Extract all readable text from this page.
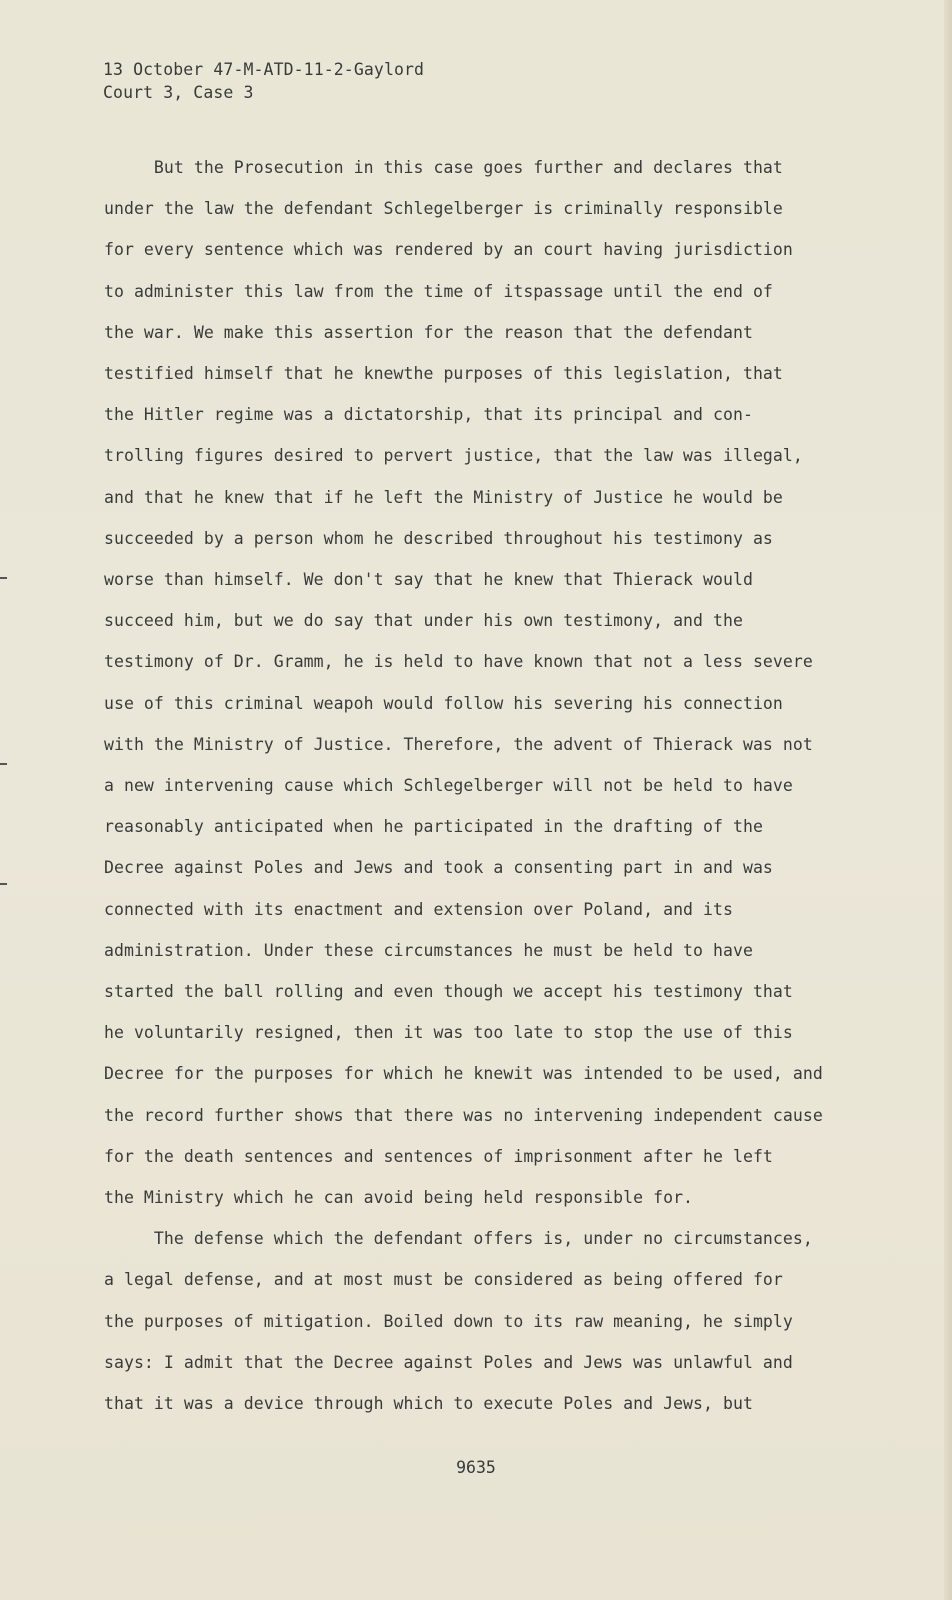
13 October 47-M-ATD-11-2-Gaylord
Court 3, Case 3
But the Prosecution in this case goes further and declares that
under the law the defendant Schlegelberger is criminally responsible
for every sentence which was rendered by an court having jurisdiction
to administer this law from the time of itspassage until the end of
the war. We make this assertion for the reason that the defendant
testified himself that he knewthe purposes of this legislation, that
the Hitler regime was a dictatorship, that its principal and con-
trolling figures desired to pervert justice, that the law was illegal,
and that he knew that if he left the Ministry of Justice he would be
succeeded by a person whom he described throughout his testimony as
worse than himself. We don't say that he knew that Thierack would
succeed him, but we do say that under his own testimony, and the
testimony of Dr. Gramm, he is held to have known that not a less severe
use of this criminal weapoh would follow his severing his connection
with the Ministry of Justice. Therefore, the advent of Thierack was not
a new intervening cause which Schlegelberger will not be held to have
reasonably anticipated when he participated in the drafting of the
Decree against Poles and Jews and took a consenting part in and was
connected with its enactment and extension over Poland, and its
administration. Under these circumstances he must be held to have
started the ball rolling and even though we accept his testimony that
he voluntarily resigned, then it was too late to stop the use of this
Decree for the purposes for which he knewit was intended to be used, and
the record further shows that there was no intervening independent cause
for the death sentences and sentences of imprisonment after he left
the Ministry which he can avoid being held responsible for.
The defense which the defendant offers is, under no circumstances,
a legal defense, and at most must be considered as being offered for
the purposes of mitigation. Boiled down to its raw meaning, he simply
says: I admit that the Decree against Poles and Jews was unlawful and
that it was a device through which to execute Poles and Jews, but
9635
